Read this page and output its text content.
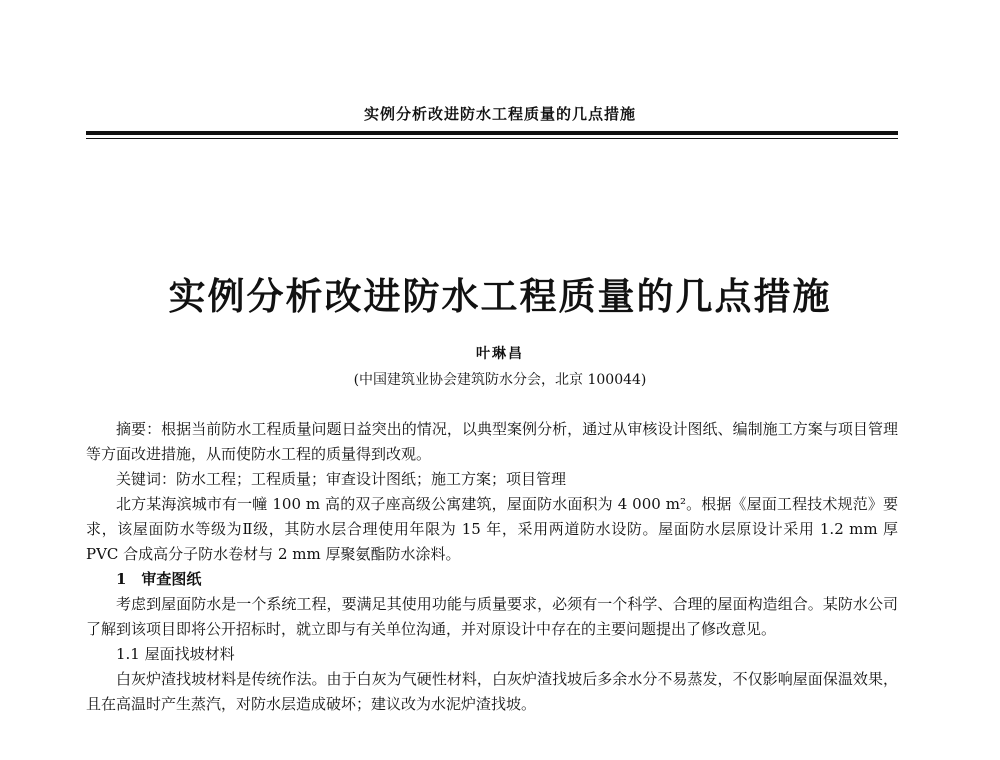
实例分析改进防水工程质量的几点措施
实例分析改进防水工程质量的几点措施
叶琳昌
(中国建筑业协会建筑防水分会，北京 100044)

摘要：根据当前防水工程质量问题日益突出的情况，以典型案例分析，通过从审核设计图纸、编制施工方案与项目管理等方面改进措施，从而使防水工程的质量得到改观。

关键词：防水工程；工程质量；审查设计图纸；施工方案；项目管理

北方某海滨城市有一幢 100 m 高的双子座高级公寓建筑，屋面防水面积为 4 000 m²。根据《屋面工程技术规范》要求，该屋面防水等级为Ⅱ级，其防水层合理使用年限为 15 年，采用两道防水设防。屋面防水层原设计采用 1.2 mm 厚 PVC 合成高分子防水卷材与 2 mm 厚聚氨酯防水涂料。

1　审查图纸

考虑到屋面防水是一个系统工程，要满足其使用功能与质量要求，必须有一个科学、合理的屋面构造组合。某防水公司了解到该项目即将公开招标时，就立即与有关单位沟通，并对原设计中存在的主要问题提出了修改意见。

1.1 屋面找坡材料

白灰炉渣找坡材料是传统作法。由于白灰为气硬性材料，白灰炉渣找坡后多余水分不易蒸发，不仅影响屋面保温效果，且在高温时产生蒸汽，对防水层造成破坏；建议改为水泥炉渣找坡。
